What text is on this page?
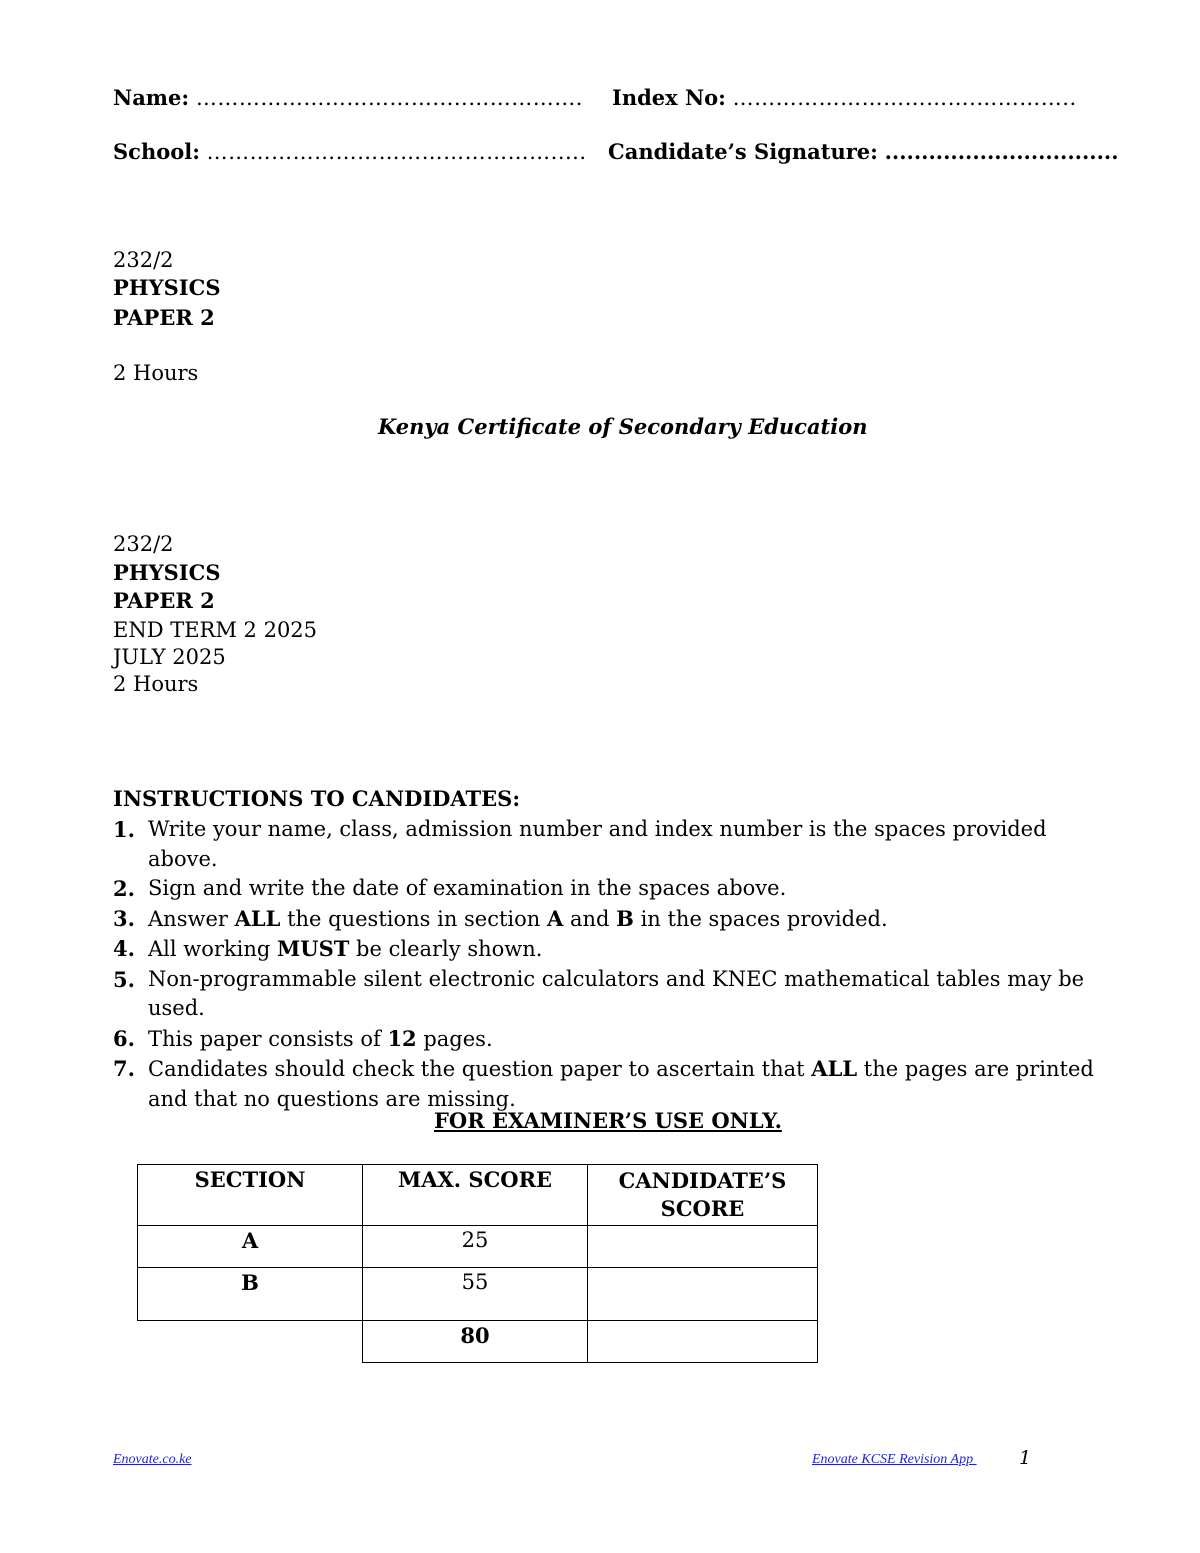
Name: …………………………….....……………. Index No: …………………………….…………..
School: …………………………………………..... Candidate’s Signature: ................................
232/2
PHYSICS
PAPER 2
2 Hours
Kenya Certificate of Secondary Education
232/2
PHYSICS
PAPER 2
END TERM 2 2025
JULY 2025
2 Hours
INSTRUCTIONS TO CANDIDATES:
1. Write your name, class, admission number and index number is the spaces provided above.
2. Sign and write the date of examination in the spaces above.
3. Answer ALL the questions in section A and B in the spaces provided.
4. All working MUST be clearly shown.
5. Non-programmable silent electronic calculators and KNEC mathematical tables may be used.
6. This paper consists of 12 pages.
7. Candidates should check the question paper to ascertain that ALL the pages are printed and that no questions are missing.
FOR EXAMINER’S USE ONLY.
SECTION	MAX. SCORE	CANDIDATE’S SCORE
A	25	
B	55	
	80	
Enovate.co.ke	Enovate KCSE Revision App 1
